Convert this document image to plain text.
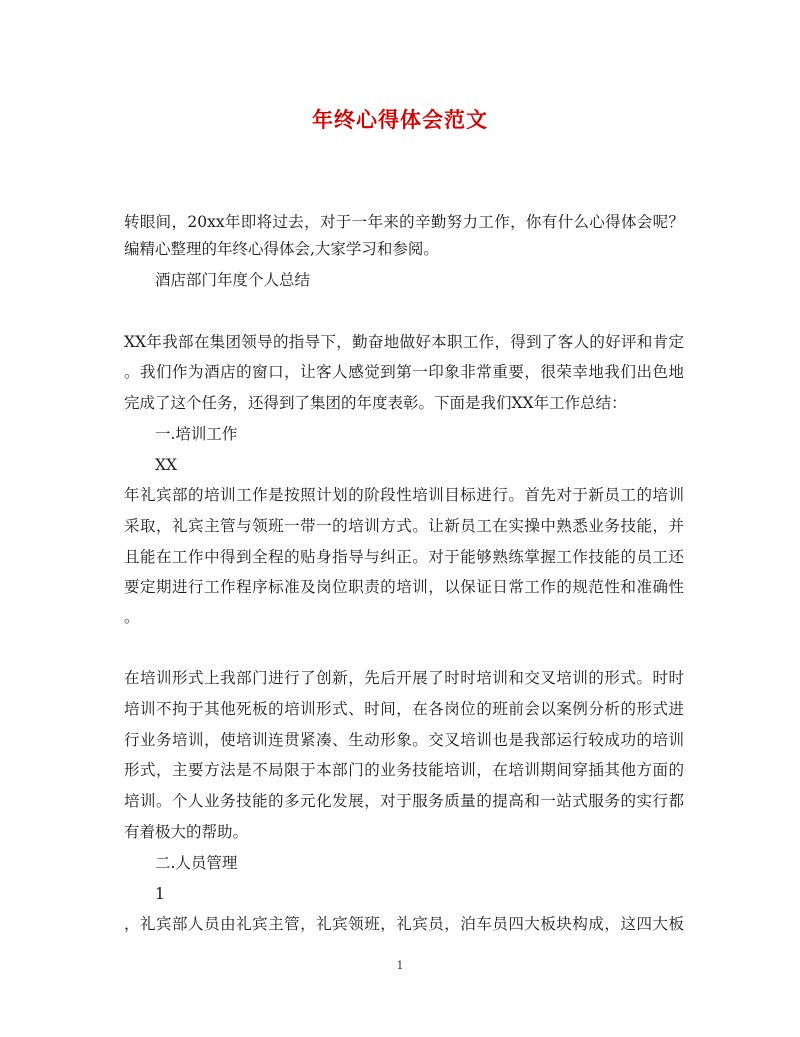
年终心得体会范文
转眼间，20xx年即将过去，对于一年来的辛勤努力工作，你有什么心得体会呢？
编精心整理的年终心得体会,大家学习和参阅。
酒店部门年度个人总结
XX年我部在集团领导的指导下，勤奋地做好本职工作，得到了客人的好评和肯定
。我们作为酒店的窗口，让客人感觉到第一印象非常重要，很荣幸地我们出色地
完成了这个任务，还得到了集团的年度表彰。下面是我们XX年工作总结：
一.培训工作
XX
年礼宾部的培训工作是按照计划的阶段性培训目标进行。首先对于新员工的培训
采取，礼宾主管与领班一带一的培训方式。让新员工在实操中熟悉业务技能，并
且能在工作中得到全程的贴身指导与纠正。对于能够熟练掌握工作技能的员工还
要定期进行工作程序标准及岗位职责的培训，以保证日常工作的规范性和准确性
。
在培训形式上我部门进行了创新，先后开展了时时培训和交叉培训的形式。时时
培训不拘于其他死板的培训形式、时间，在各岗位的班前会以案例分析的形式进
行业务培训，使培训连贯紧凑、生动形象。交叉培训也是我部运行较成功的培训
形式，主要方法是不局限于本部门的业务技能培训，在培训期间穿插其他方面的
培训。个人业务技能的多元化发展，对于服务质量的提高和一站式服务的实行都
有着极大的帮助。
二.人员管理
1
，礼宾部人员由礼宾主管，礼宾领班，礼宾员，泊车员四大板块构成，这四大板
1
